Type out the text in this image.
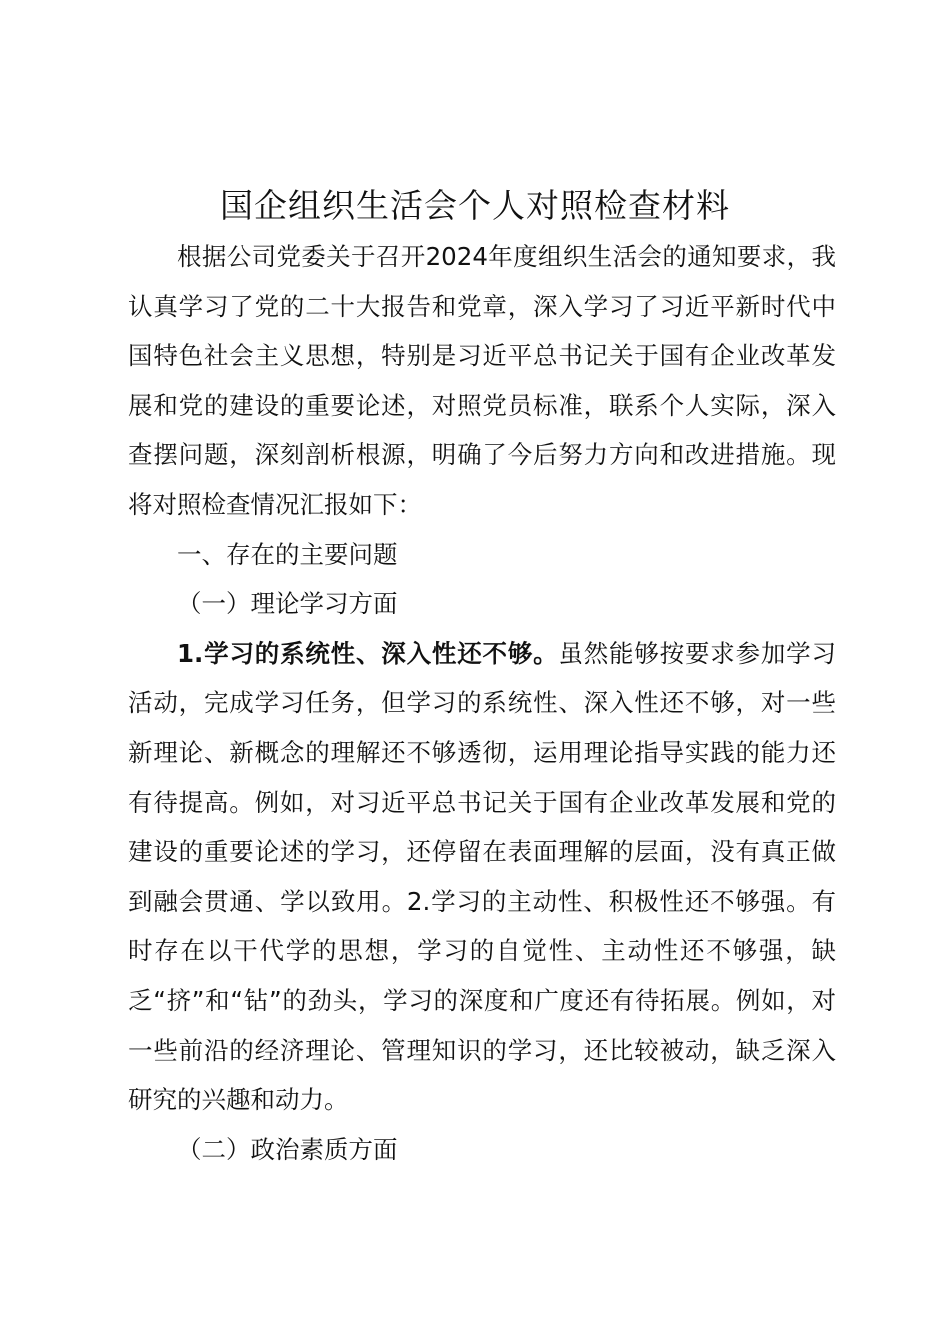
国企组织生活会个人对照检查材料

根据公司党委关于召开2024年度组织生活会的通知要求，我认真学习了党的二十大报告和党章，深入学习了习近平新时代中国特色社会主义思想，特别是习近平总书记关于国有企业改革发展和党的建设的重要论述，对照党员标准，联系个人实际，深入查摆问题，深刻剖析根源，明确了今后努力方向和改进措施。现将对照检查情况汇报如下：

一、存在的主要问题

（一）理论学习方面

1.学习的系统性、深入性还不够。虽然能够按要求参加学习活动，完成学习任务，但学习的系统性、深入性还不够，对一些新理论、新概念的理解还不够透彻，运用理论指导实践的能力还有待提高。例如，对习近平总书记关于国有企业改革发展和党的建设的重要论述的学习，还停留在表面理解的层面，没有真正做到融会贯通、学以致用。2.学习的主动性、积极性还不够强。有时存在以干代学的思想，学习的自觉性、主动性还不够强，缺乏“挤”和“钻”的劲头，学习的深度和广度还有待拓展。例如，对一些前沿的经济理论、管理知识的学习，还比较被动，缺乏深入研究的兴趣和动力。

（二）政治素质方面
